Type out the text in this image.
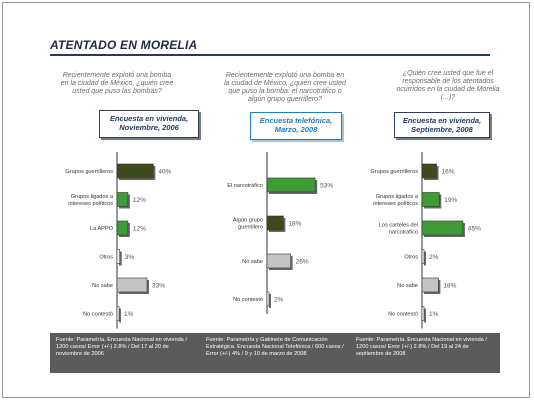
ATENTADO EN MORELIA
Recientemente explotó una bomba en la ciudad de México, ¿quién cree usted que puso las bombas?
Encuesta en vivienda, Noviembre, 2006
40%
Grupos guerrilleros
12%
Grupos ligados a
intereses políticos
12%
La APPO
3%
Otros
33%
No sabe
1%
No contestó
Fuente: Parametría. Encuesta Nacional en vivienda / 1200 casos/ Error (+/-) 2.8% / Del 17 al 20 de noviembre de 2006
Recientemente explotó una bomba en la ciudad de México, ¿quién cree usted que puso la bomba: el narcotráfico o algún grupo guerrillero?
Encuesta telefónica, Marzo, 2008
53%
El narcotráfico
18%
Algún grupo
guerrillero
26%
No sabe
2%
No contestó
Fuente: Parametría y Gabinete de Comunicación Estratégica. Encuesta Nacional Telefónica / 600 casos / Error (+/-) 4% / 9 y 10 de marzo de 2008
¿Quién cree usted que fue el responsable de los atentados ocurridos en la ciudad de Morelia (...)?
Encuesta en vivienda, Septiembre, 2008
16%
Grupos guerrilleros
19%
Grupos ligados a
intereses políticos
45%
Los carteles del
narcotráfico
2%
Otros
18%
No sabe
1%
No contestó
Fuente: Parametría. Encuesta Nacional en vivienda / 1200 casos/ Error (+/-) 2.8% / Del 19 al 24 de septiembre de 2008
